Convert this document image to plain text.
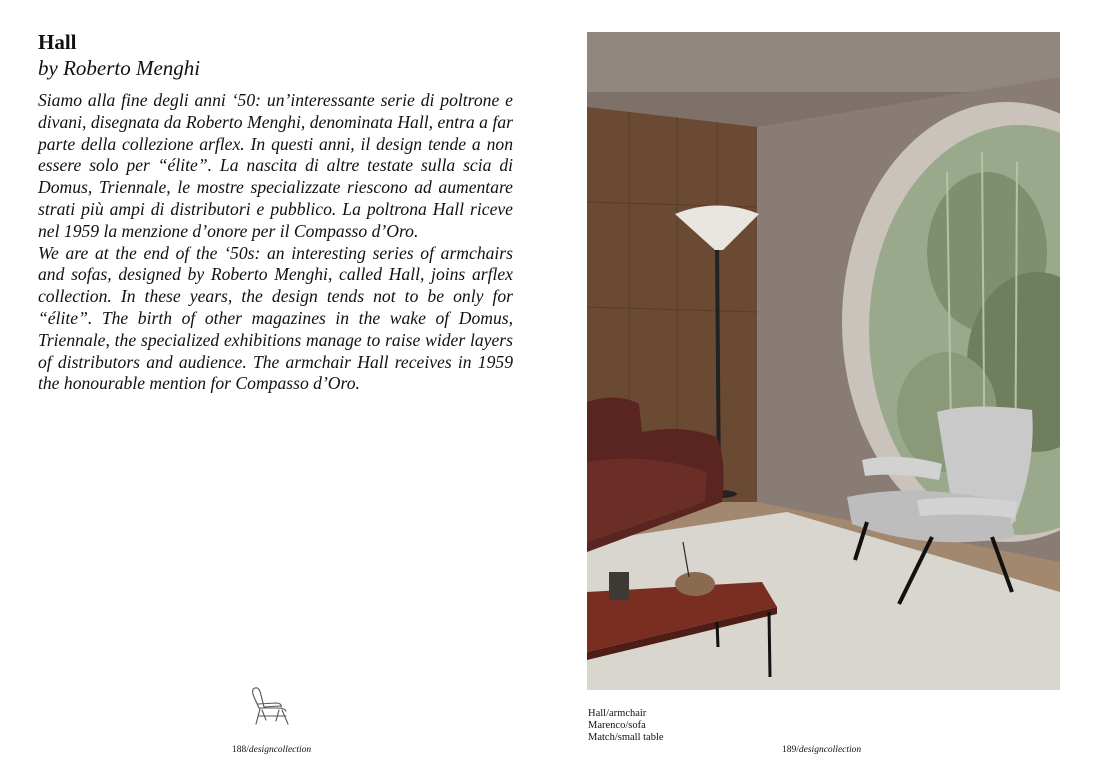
Hall
by Roberto Menghi

Siamo alla fine degli anni ‘50: un’interessante serie di poltrone e divani, disegnata da Roberto Menghi, denominata Hall, entra a far parte della collezione arflex. In questi anni, il design tende a non essere solo per “élite”. La nascita di altre testate sulla scia di Domus, Triennale, le mostre specializzate riescono ad aumentare strati più ampi di distributori e pubblico. La poltrona Hall riceve nel 1959 la menzione d’onore per il Compasso d’Oro.

We are at the end of the ‘50s: an interesting series of armchairs and sofas, designed by Roberto Menghi, called Hall, joins arflex collection. In these years, the design tends not to be only for “élite”. The birth of other magazines in the wake of Domus, Triennale, the specialized exhibitions manage to raise wider layers of distributors and audience. The armchair Hall receives in 1959 the honourable mention for Compasso d’Oro.

188/designcollection
Hall/armchair
Marenco/sofa
Match/small table
189/designcollection
